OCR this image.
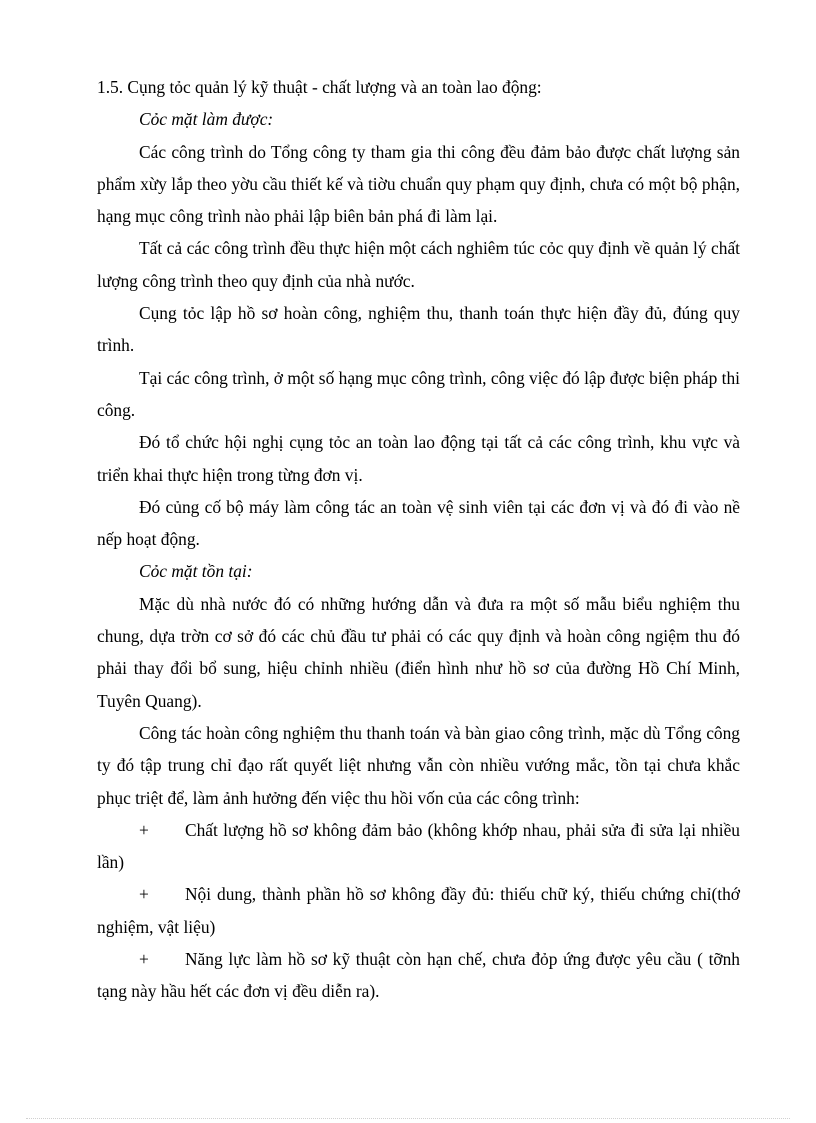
1.5. Cụng tỏc quản lý kỹ thuật - chất lượng và an toàn lao động:

Cỏc mặt làm được:

Các công trình do Tổng công ty tham gia thi công đều đảm bảo được chất lượng sản phẩm xừy lắp theo yờu cầu thiết kế và tiờu chuẩn quy phạm quy định, chưa có một bộ phận, hạng mục công trình nào phải lập biên bản phá đi làm lại.

Tất cả các công trình đều thực hiện một cách nghiêm túc cỏc quy định về quản lý chất lượng công trình theo quy định của nhà nước.

Cụng tỏc lập hồ sơ hoàn công, nghiệm thu, thanh toán thực hiện đầy đủ, đúng quy trình.

Tại các công trình, ở một số hạng mục công trình, công việc đó lập được biện pháp thi công.

Đó tổ chức hội nghị cụng tỏc an toàn lao động tại tất cả các công trình, khu vực và triển khai thực hiện trong từng đơn vị.

Đó củng cố bộ máy làm công tác an toàn vệ sinh viên tại các đơn vị và đó đi vào nề nếp hoạt động.

Cỏc mặt tồn tại:

Mặc dù nhà nước đó có những hướng dẫn và đưa ra một số mẫu biểu nghiệm thu chung, dựa trờn cơ sở đó các chủ đầu tư phải có các quy định và hoàn công ngiệm thu đó phải thay đổi bổ sung, hiệu chỉnh nhiều (điển hình như hồ sơ của đường Hồ Chí Minh, Tuyên Quang).

Công tác hoàn công nghiệm thu thanh toán và bàn giao công trình, mặc dù Tổng công ty đó tập trung chỉ đạo rất quyết liệt nhưng vẫn còn nhiều vướng mắc, tồn tại chưa khắc phục triệt để, làm ảnh hưởng đến việc thu hồi vốn của các công trình:

+ Chất lượng hồ sơ không đảm bảo (không khớp nhau, phải sửa đi sửa lại nhiều lần)

+ Nội dung, thành phần hồ sơ không đầy đủ: thiếu chữ ký, thiếu chứng chỉ(thớ nghiệm, vật liệu)

+ Năng lực làm hồ sơ kỹ thuật còn hạn chế, chưa đỏp ứng được yêu cầu ( tỡnh tạng này hầu hết các đơn vị đều diễn ra).
